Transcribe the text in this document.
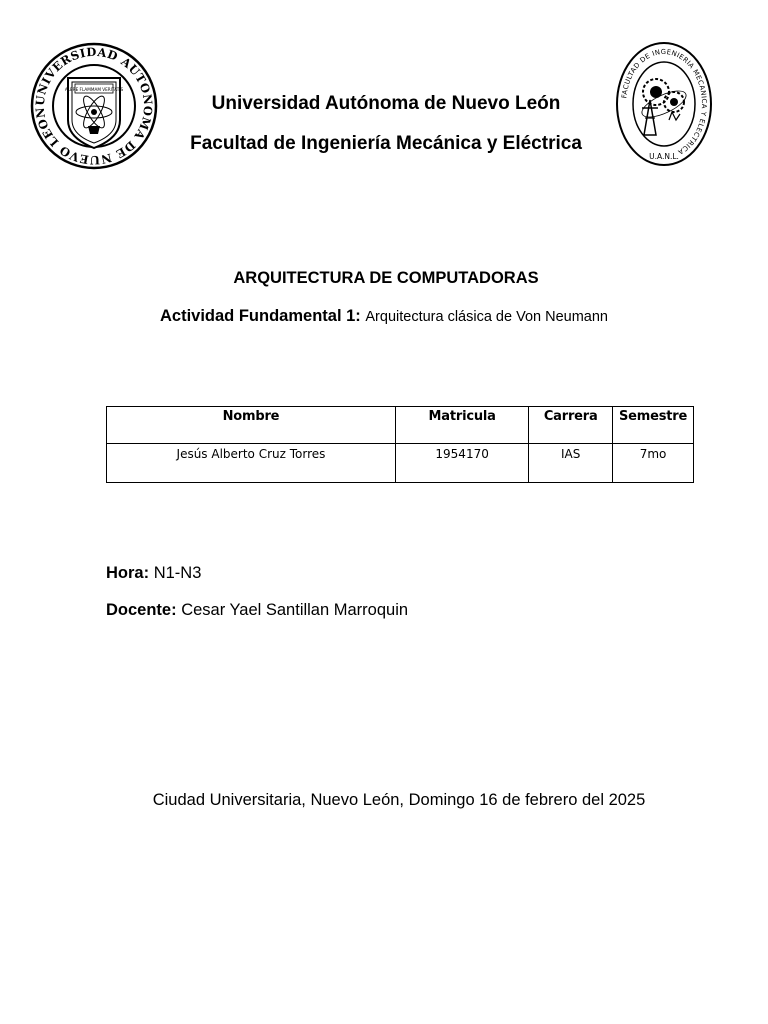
UNIVERSIDAD AUTONOMA DE NUEVO LEON
ALERE FLAMMAM VERITATIS
FACULTAD DE INGENIERIA MECANICA Y ELECTRICA
U.A.N.L.
Universidad Autónoma de Nuevo León
Facultad de Ingeniería Mecánica y Eléctrica
ARQUITECTURA DE COMPUTADORAS
Actividad Fundamental 1: Arquitectura clásica de Von Neumann
Nombre	Matricula	Carrera	Semestre
Jesús Alberto Cruz Torres	1954170	IAS	7mo
Hora: N1-N3
Docente: Cesar Yael Santillan Marroquin
Ciudad Universitaria, Nuevo León, Domingo 16 de febrero del 2025
